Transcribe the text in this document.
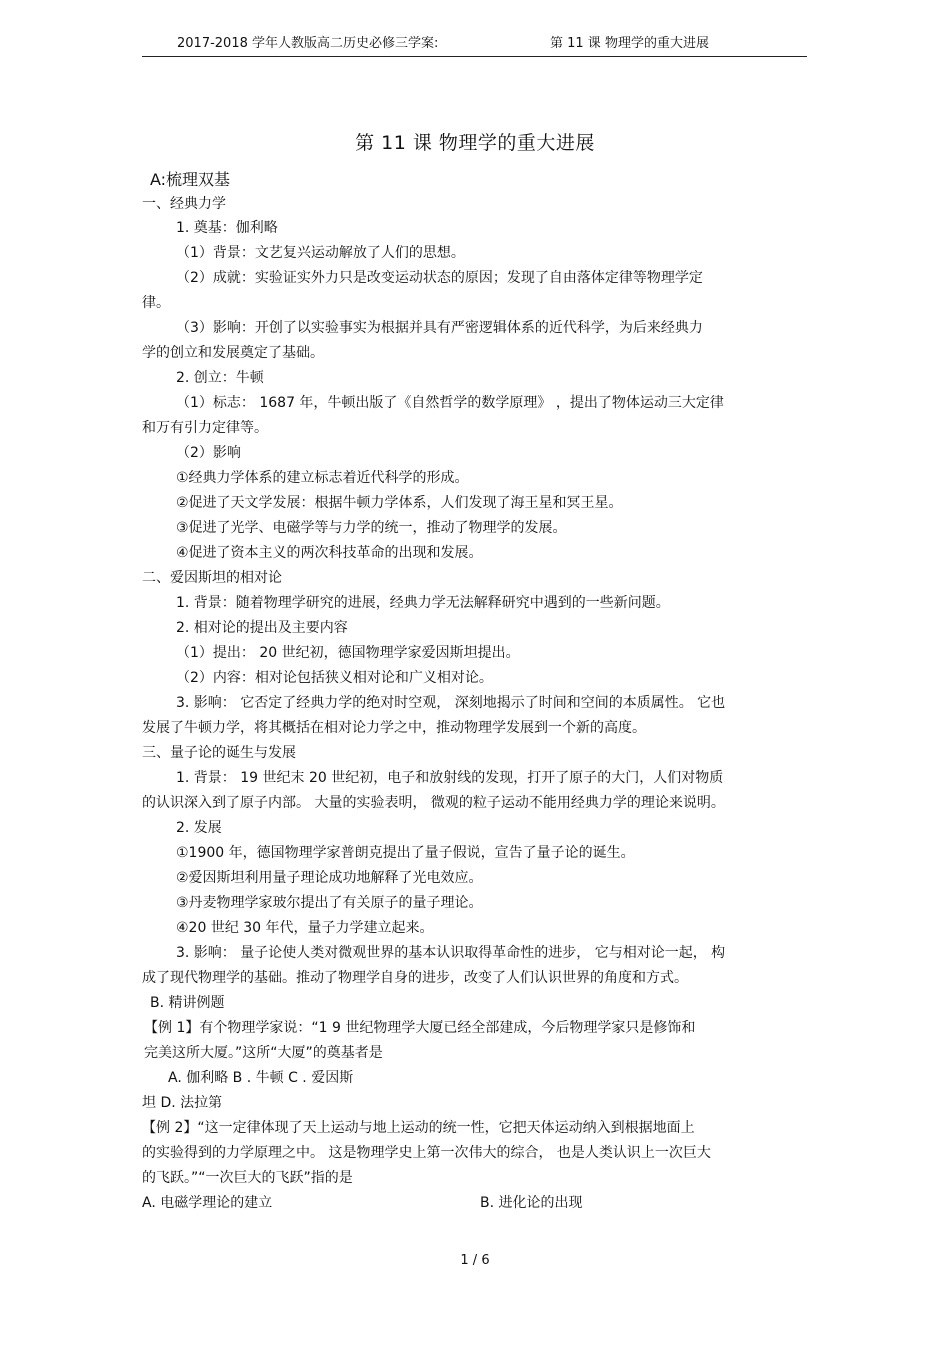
2017-2018 学年人教版高二历史必修三学案:	第 11 课 物理学的重大进展
第 11 课 物理学的重大进展
A:梳理双基
一、经典力学
1. 奠基：伽利略
（1）背景：文艺复兴运动解放了人们的思想。
（2）成就：实验证实外力只是改变运动状态的原因；发现了自由落体定律等物理学定
律。
（3）影响：开创了以实验事实为根据并具有严密逻辑体系的近代科学，为后来经典力
学的创立和发展奠定了基础。
2. 创立：牛顿
（1）标志： 1687 年，牛顿出版了《自然哲学的数学原理》 ，提出了物体运动三大定律
和万有引力定律等。
（2）影响
①经典力学体系的建立标志着近代科学的形成。
②促进了天文学发展：根据牛顿力学体系，人们发现了海王星和冥王星。
③促进了光学、电磁学等与力学的统一，推动了物理学的发展。
④促进了资本主义的两次科技革命的出现和发展。
二、爱因斯坦的相对论
1. 背景：随着物理学研究的进展，经典力学无法解释研究中遇到的一些新问题。
2. 相对论的提出及主要内容
（1）提出： 20 世纪初，德国物理学家爱因斯坦提出。
（2）内容：相对论包括狭义相对论和广义相对论。
3. 影响： 它否定了经典力学的绝对时空观， 深刻地揭示了时间和空间的本质属性。 它也
发展了牛顿力学，将其概括在相对论力学之中，推动物理学发展到一个新的高度。
三、量子论的诞生与发展
1. 背景： 19 世纪末 20 世纪初，电子和放射线的发现，打开了原子的大门，人们对物质
的认识深入到了原子内部。 大量的实验表明， 微观的粒子运动不能用经典力学的理论来说明。
2. 发展
①1900 年，德国物理学家普朗克提出了量子假说，宣告了量子论的诞生。
②爱因斯坦利用量子理论成功地解释了光电效应。
③丹麦物理学家玻尔提出了有关原子的量子理论。
④20 世纪 30 年代，量子力学建立起来。
3. 影响： 量子论使人类对微观世界的基本认识取得革命性的进步， 它与相对论一起， 构
成了现代物理学的基础。推动了物理学自身的进步，改变了人们认识世界的角度和方式。
B. 精讲例题
【例 1】有个物理学家说：“1 9 世纪物理学大厦已经全部建成，今后物理学家只是修饰和
完美这所大厦。”这所“大厦”的奠基者是
A. 伽利略 B . 牛顿 C . 爱因斯
坦 D. 法拉第
【例 2】“这一定律体现了天上运动与地上运动的统一性，它把天体运动纳入到根据地面上
的实验得到的力学原理之中。 这是物理学史上第一次伟大的综合， 也是人类认识上一次巨大
的飞跃。”“一次巨大的飞跃”指的是
A. 电磁学理论的建立	B. 进化论的出现
1 / 6
